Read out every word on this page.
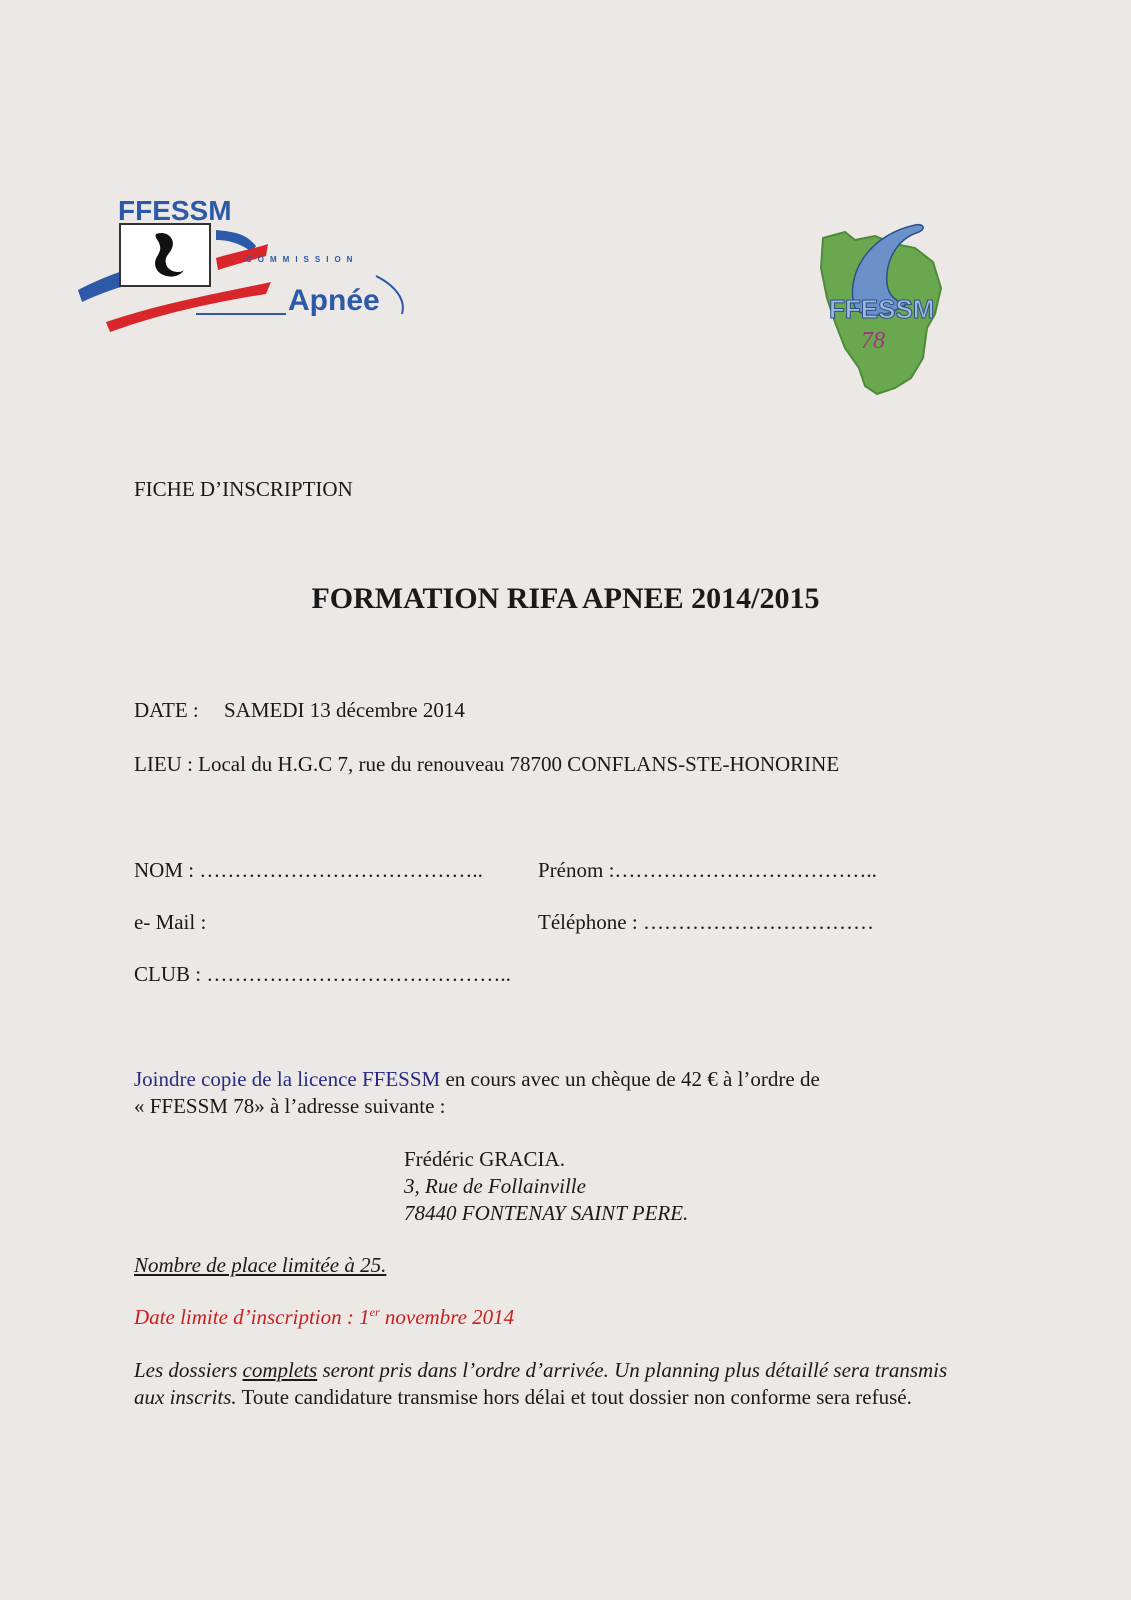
FFESSM
COMMISSION
Apnée	FFESSM
78
FICHE D’INSCRIPTION
FORMATION RIFA APNEE 2014/2015
DATE : SAMEDI 13 décembre 2014
LIEU : Local du H.G.C 7, rue du renouveau 78700 CONFLANS-STE-HONORINE
NOM : …………………………………..	Prénom :………………………………..
e- Mail :	Téléphone : ……………………………
CLUB : ……………………………………..
Joindre copie de la licence FFESSM en cours avec un chèque de 42 € à l’ordre de
« FFESSM 78» à l’adresse suivante :
Frédéric GRACIA.
3, Rue de Follainville
78440 FONTENAY SAINT PERE.
Nombre de place limitée à 25.
Date limite d’inscription : 1er novembre 2014
Les dossiers complets seront pris dans l’ordre d’arrivée. Un planning plus détaillé sera transmis aux inscrits. Toute candidature transmise hors délai et tout dossier non conforme sera refusé.
